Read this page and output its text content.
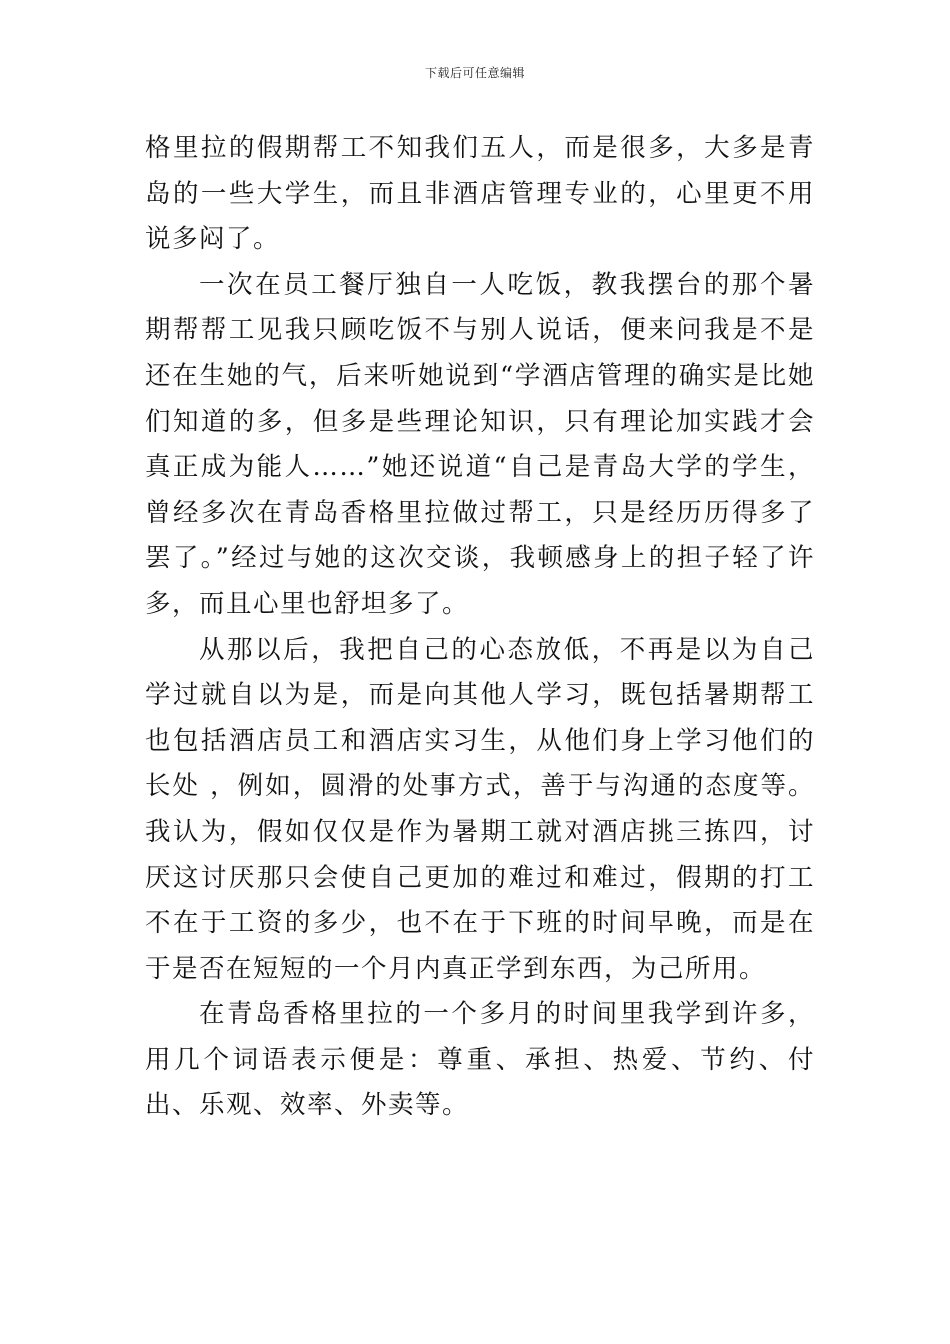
下载后可任意编辑

格里拉的假期帮工不知我们五人，而是很多，大多是青岛的一些大学生，而且非酒店管理专业的，心里更不用说多闷了。

一次在员工餐厅独自一人吃饭，教我摆台的那个暑期帮帮工见我只顾吃饭不与别人说话，便来问我是不是还在生她的气，后来听她说到“学酒店管理的确实是比她们知道的多，但多是些理论知识，只有理论加实践才会真正成为能人……”她还说道“自己是青岛大学的学生，曾经多次在青岛香格里拉做过帮工，只是经历历得多了罢了。”经过与她的这次交谈，我顿感身上的担子轻了许多，而且心里也舒坦多了。

从那以后，我把自己的心态放低，不再是以为自己学过就自以为是，而是向其他人学习，既包括暑期帮工也包括酒店员工和酒店实习生，从他们身上学习他们的长处 ，例如，圆滑的处事方式，善于与沟通的态度等。我认为，假如仅仅是作为暑期工就对酒店挑三拣四，讨厌这讨厌那只会使自己更加的难过和难过，假期的打工不在于工资的多少，也不在于下班的时间早晚，而是在于是否在短短的一个月内真正学到东西，为己所用。

在青岛香格里拉的一个多月的时间里我学到许多，用几个词语表示便是：尊重、承担、热爱、节约、付出、乐观、效率、外卖等。
